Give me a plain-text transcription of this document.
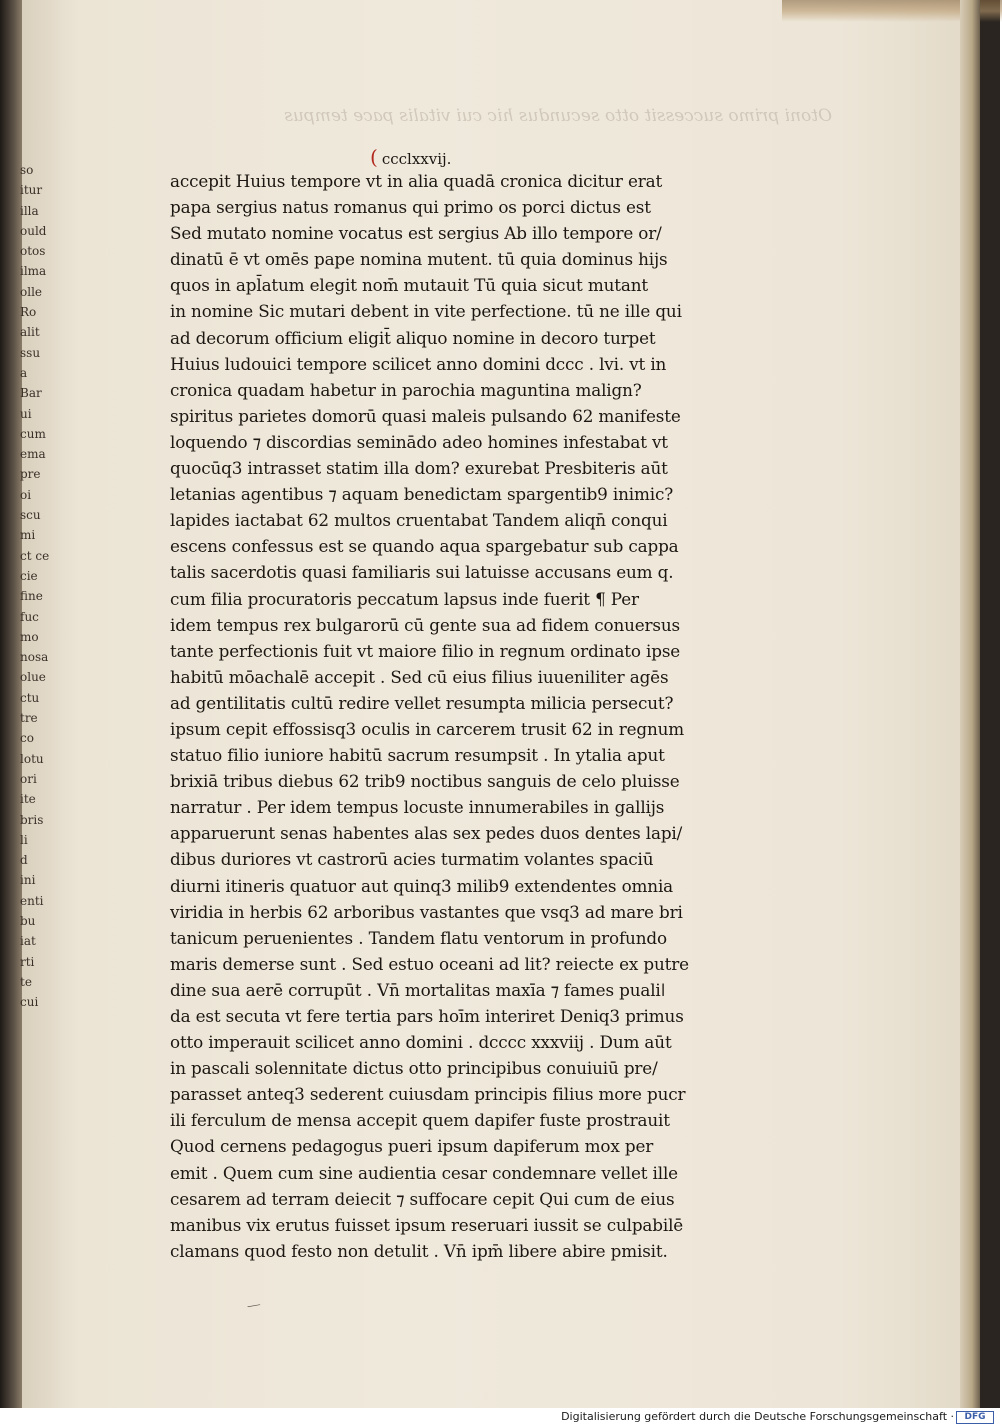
so
itur
illa
ould
otos
ilma
olle
Ro
alit
ssu
a
Bar
ui
cum
ema
pre
oi
scu
mi
ct ce
cie
fine
fuc
mo
nosa
olue
ctu
tre
co
lotu
ori
ite
bris
li
d
ini
enti
bu
iat
rti
te
cui
Otoni primo successit otto secundus hic cui vitalis pace tempus
( ccclxxvij.
accepit Huius tempore vt in alia quadā cronica dicitur erat
papa sergius natus romanus qui primo os porci dictus est
Sed mutato nomine vocatus est sergius Ab illo tempore or/
dinatū ē vt omēs pape nomina mutent. tū quia dominus hijs
quos in apl̄atum elegit nom̄ mutauit Tū quia sicut mutant
in nomine Sic mutari debent in vite perfectione. tū ne ille qui
ad decorum officium eligit̄ aliquo nomine in decoro turpet
Huius ludouici tempore scilicet anno domini dccc . lvi. vt in
cronica quadam habetur in parochia maguntina malign?
spiritus parietes domorū quasi maleis pulsando 62 manifeste
loquendo ⁊ discordias seminādo adeo homines infestabat vt
quocūq3 intrasset statim illa dom? exurebat Presbiteris aūt
letanias agentibus ⁊ aquam benedictam spargentib9 inimic?
lapides iactabat 62 multos cruentabat Tandem aliqn̄ conqui
escens confessus est se quando aqua spargebatur sub cappa
talis sacerdotis quasi familiaris sui latuisse accusans eum q.
cum filia procuratoris peccatum lapsus inde fuerit ¶ Per
idem tempus rex bulgarorū cū gente sua ad fidem conuersus
tante perfectionis fuit vt maiore filio in regnum ordinato ipse
habitū mōachalē accepit . Sed cū eius filius iuueniliter agēs
ad gentilitatis cultū redire vellet resumpta milicia persecut?
ipsum cepit effossisq3 oculis in carcerem trusit 62 in regnum
statuo filio iuniore habitū sacrum resumpsit . In ytalia aput
brixiā tribus diebus 62 trib9 noctibus sanguis de celo pluisse
narratur . Per idem tempus locuste innumerabiles in gallijs
apparuerunt senas habentes alas sex pedes duos dentes lapi/
dibus duriores vt castrorū acies turmatim volantes spaciū
diurni itineris quatuor aut quinq3 milib9 extendentes omnia
viridia in herbis 62 arboribus vastantes que vsq3 ad mare bri
tanicum peruenientes . Tandem flatu ventorum in profundo
maris demerse sunt . Sed estuo oceani ad lit? reiecte ex putre
dine sua aerē corrupūt . Vn̄ mortalitas maxīa ⁊ fames pualiǀ
da est secuta vt fere tertia pars hoīm interiret Deniq3 primus
otto imperauit scilicet anno domini . dcccc xxxviij . Dum aūt
in pascali solennitate dictus otto principibus conuiuiū pre/
parasset anteq3 sederent cuiusdam principis filius more pucr
ili ferculum de mensa accepit quem dapifer fuste prostrauit
Quod cernens pedagogus pueri ipsum dapiferum mox per
emit . Quem cum sine audientia cesar condemnare vellet ille
cesarem ad terram deiecit ⁊ suffocare cepit Qui cum de eius
manibus vix erutus fuisset ipsum reseruari iussit se culpabilē
clamans quod festo non detulit . Vn̄ ipm̄ libere abire pmisit.
⟋
Digitalisierung gefördert durch die Deutsche Forschungsgemeinschaft ·	DFG
